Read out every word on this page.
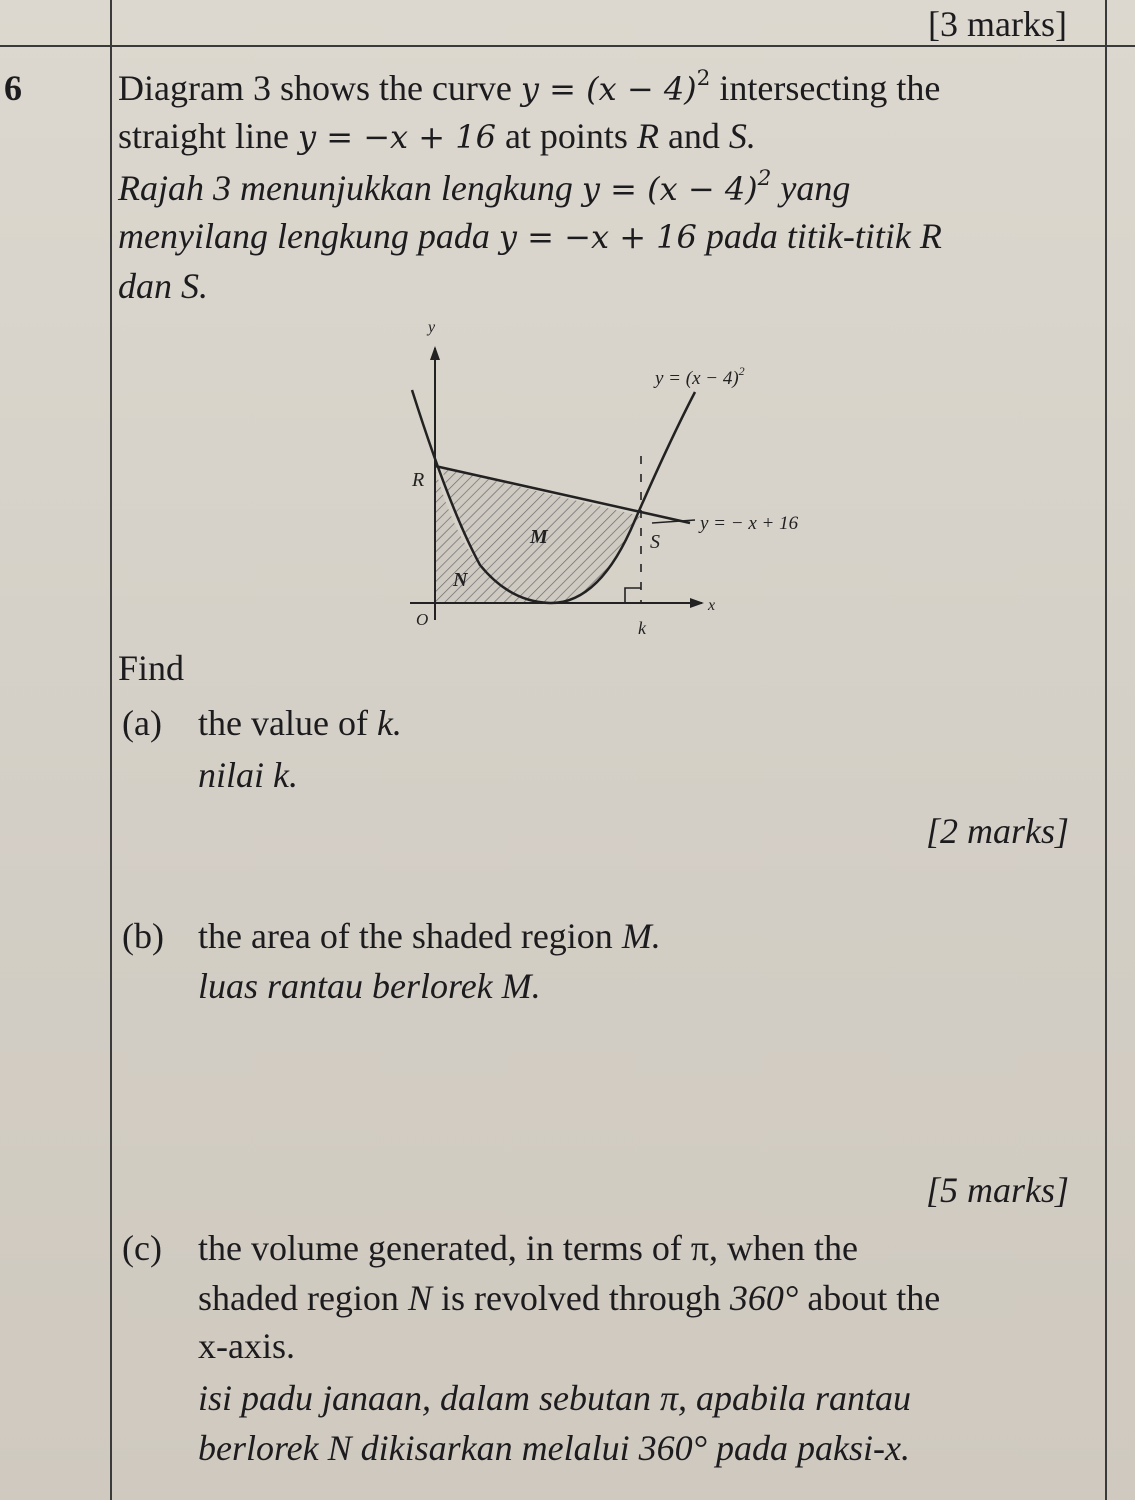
[3 marks]
6	Diagram 3 shows the curve $y = (x - 4)^2$ intersecting the
straight line y = −x + 16 at points R and S.
Rajah 3 menunjukkan lengkung $y = (x - 4)^2$ yang
menyilang lengkung pada y = −x + 16 pada titik-titik R
dan S.
y
x
O
$y = (x - 4)^2$
y = − x + 16
R
S
M
N
k
Find
(a) the value of k.
nilai k.
[2 marks]
(b) the area of the shaded region M.
luas rantau berlorek M.
[5 marks]
(c) the volume generated, in terms of π, when the
shaded region N is revolved through 360° about the
x-axis.
isi padu janaan, dalam sebutan π, apabila rantau
berlorek N dikisarkan melalui 360° pada paksi-x.
